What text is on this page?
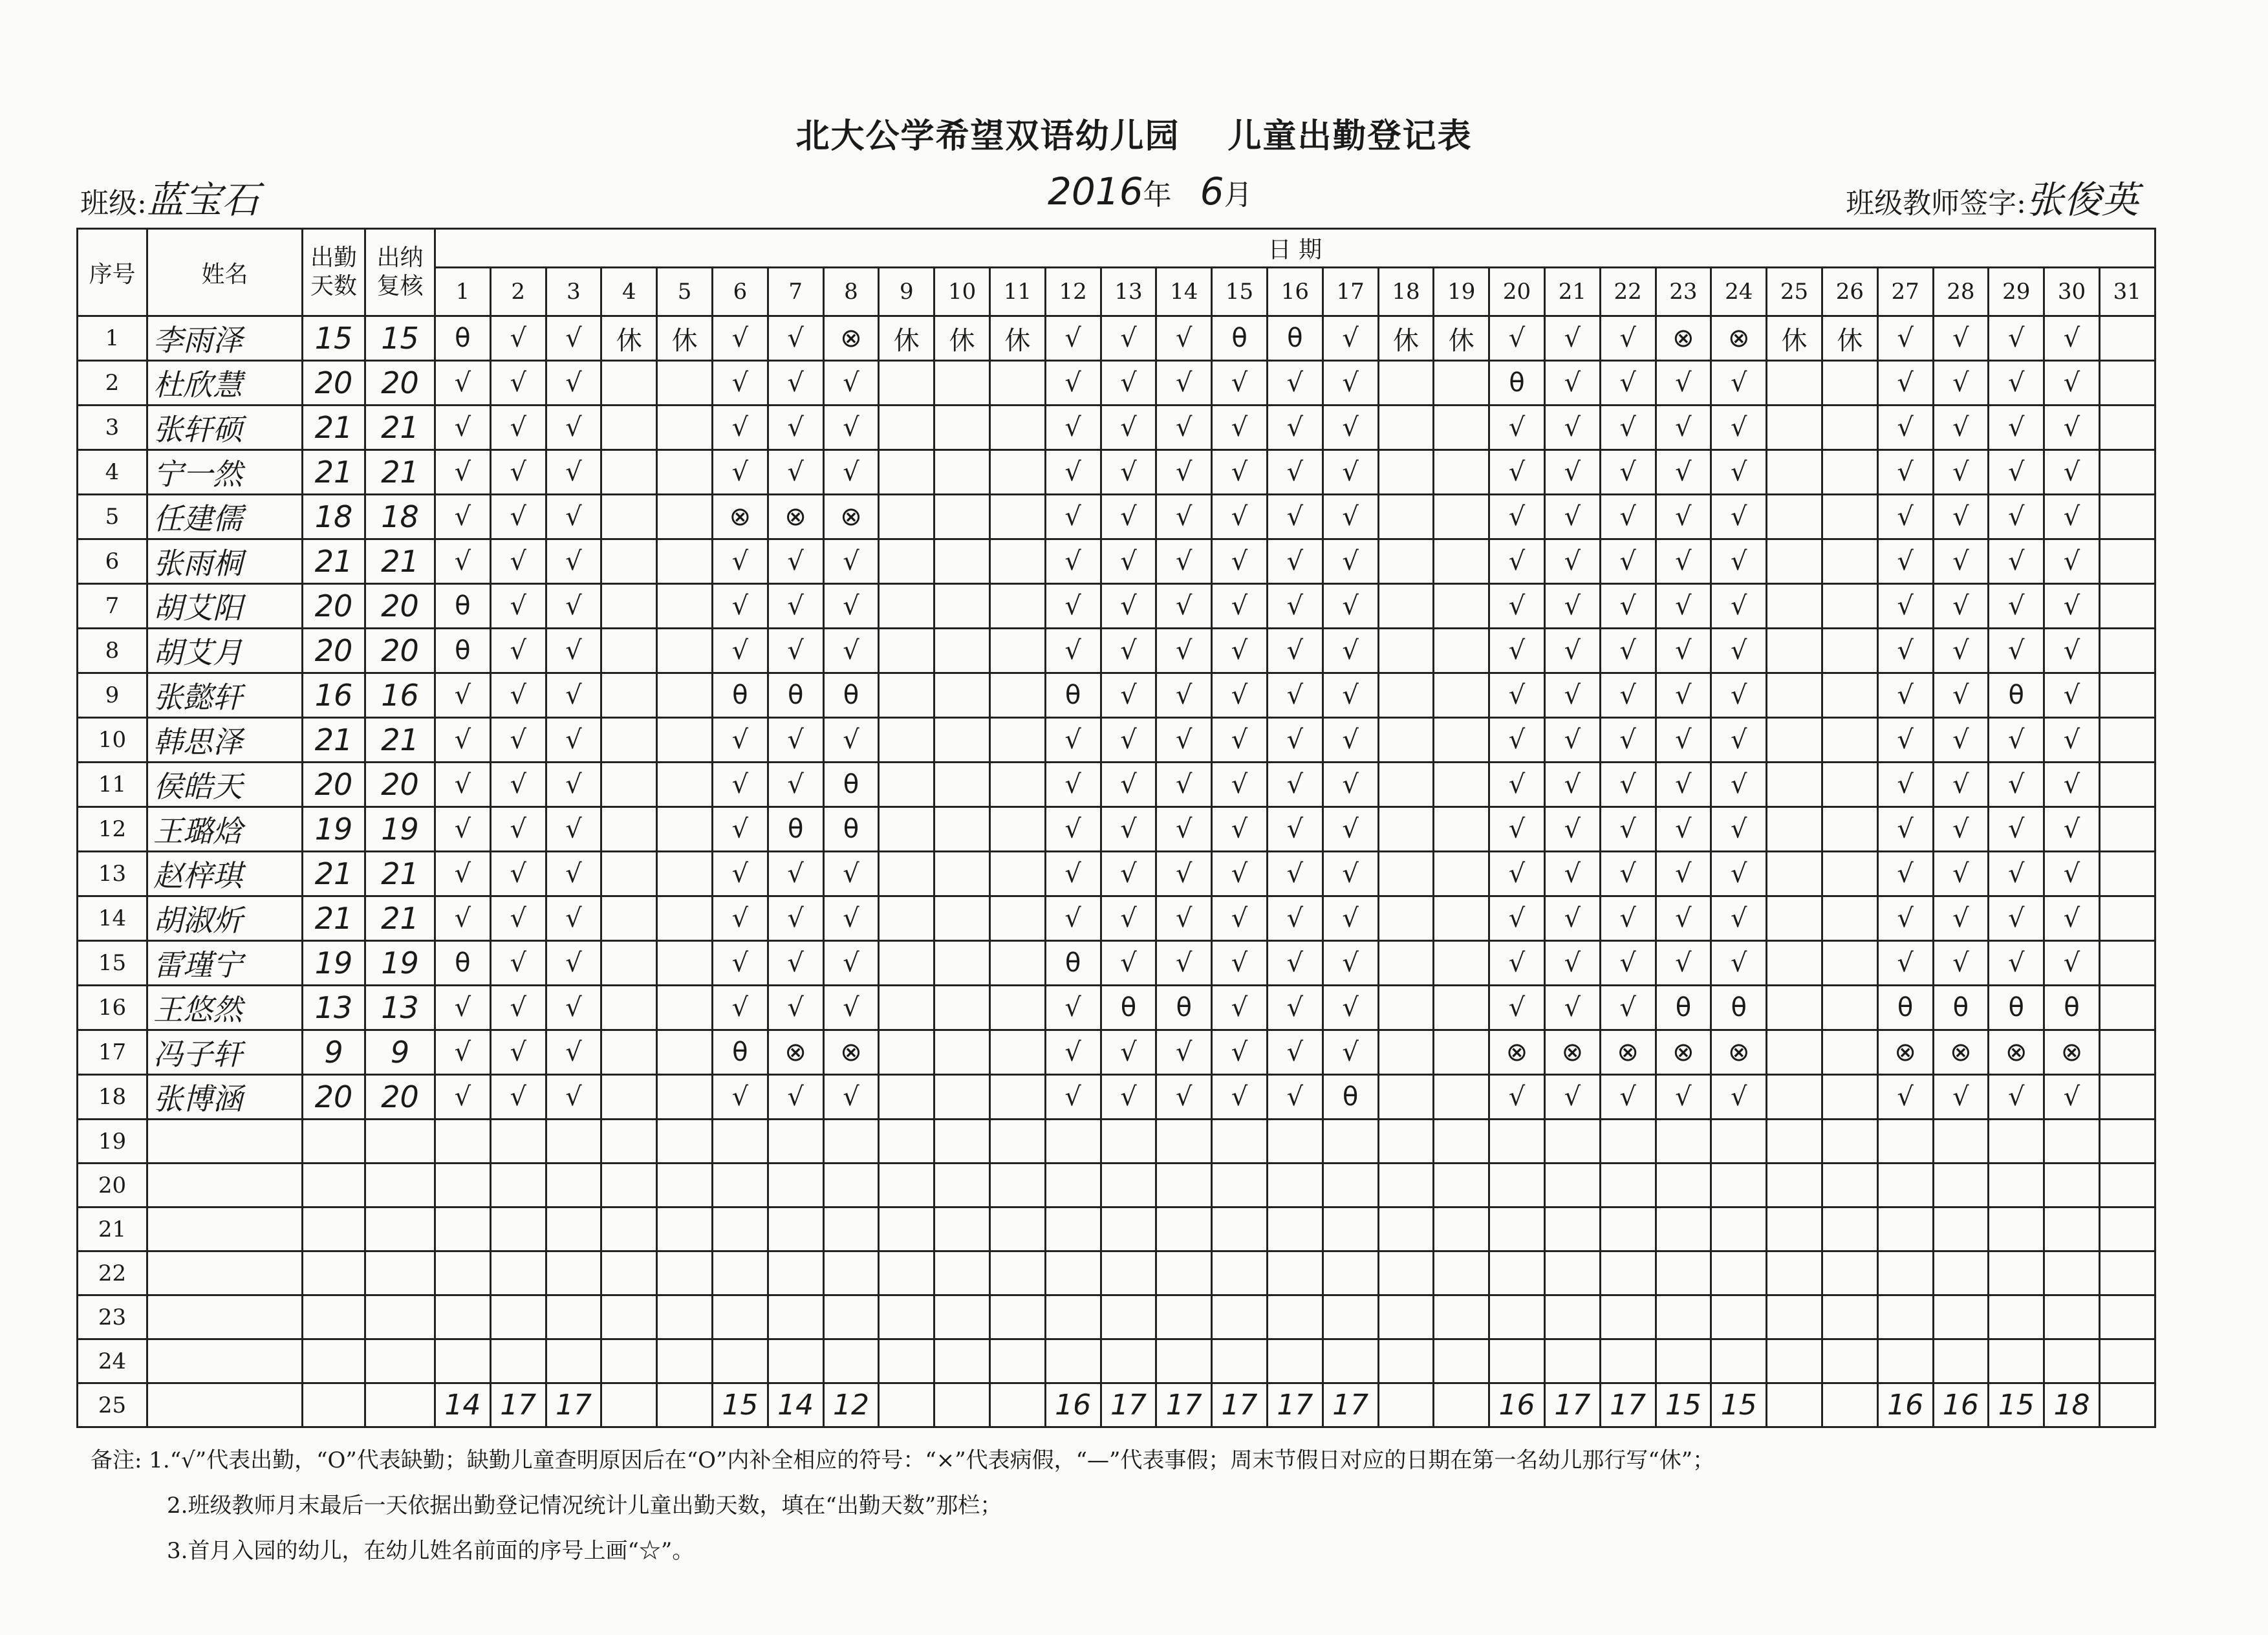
北大公学希望双语幼儿园　 儿童出勤登记表
班级:蓝宝石	2016年 6月	班级教师签字:张俊英
序号	姓名	出勤天数	出纳复核	日 期																														
				1	2	3	4	5	6	7	8	9	10	11	12	13	14	15	16	17	18	19	20	21	22	23	24	25	26	27	28	29	30	31
1	李雨泽	15	15	θ	√	√	休	休	√	√	⊗	休	休	休	√	√	√	θ	θ	√	休	休	√	√	√	⊗	⊗	休	休	√	√	√	√	
2	杜欣慧	20	20	√	√	√			√	√	√				√	√	√	√	√	√			θ	√	√	√	√			√	√	√	√	
3	张轩硕	21	21	√	√	√			√	√	√				√	√	√	√	√	√			√	√	√	√	√			√	√	√	√	
4	宁一然	21	21	√	√	√			√	√	√				√	√	√	√	√	√			√	√	√	√	√			√	√	√	√	
5	任建儒	18	18	√	√	√			⊗	⊗	⊗				√	√	√	√	√	√			√	√	√	√	√			√	√	√	√	
6	张雨桐	21	21	√	√	√			√	√	√				√	√	√	√	√	√			√	√	√	√	√			√	√	√	√	
7	胡艾阳	20	20	θ	√	√			√	√	√				√	√	√	√	√	√			√	√	√	√	√			√	√	√	√	
8	胡艾月	20	20	θ	√	√			√	√	√				√	√	√	√	√	√			√	√	√	√	√			√	√	√	√	
9	张懿轩	16	16	√	√	√			θ	θ	θ				θ	√	√	√	√	√			√	√	√	√	√			√	√	θ	√	
10	韩思泽	21	21	√	√	√			√	√	√				√	√	√	√	√	√			√	√	√	√	√			√	√	√	√	
11	侯皓天	20	20	√	√	√			√	√	θ				√	√	√	√	√	√			√	√	√	√	√			√	√	√	√	
12	王璐焓	19	19	√	√	√			√	θ	θ				√	√	√	√	√	√			√	√	√	√	√			√	√	√	√	
13	赵梓琪	21	21	√	√	√			√	√	√				√	√	√	√	√	√			√	√	√	√	√			√	√	√	√	
14	胡淑炘	21	21	√	√	√			√	√	√				√	√	√	√	√	√			√	√	√	√	√			√	√	√	√	
15	雷瑾宁	19	19	θ	√	√			√	√	√				θ	√	√	√	√	√			√	√	√	√	√			√	√	√	√	
16	王悠然	13	13	√	√	√			√	√	√				√	θ	θ	√	√	√			√	√	√	θ	θ			θ	θ	θ	θ	
17	冯子轩	9	9	√	√	√			θ	⊗	⊗				√	√	√	√	√	√			⊗	⊗	⊗	⊗	⊗			⊗	⊗	⊗	⊗	
18	张博涵	20	20	√	√	√			√	√	√				√	√	√	√	√	θ			√	√	√	√	√			√	√	√	√	
19																																		
20																																		
21																																		
22																																		
23																																		
24																																		
25				14	17	17			15	14	12				16	17	17	17	17	17			16	17	17	15	15			16	16	15	18	
备注: 1.“√”代表出勤，“O”代表缺勤；缺勤儿童查明原因后在“O”内补全相应的符号：“×”代表病假，“—”代表事假；周末节假日对应的日期在第一名幼儿那行写“休”；
2.班级教师月末最后一天依据出勤登记情况统计儿童出勤天数，填在“出勤天数”那栏；
3.首月入园的幼儿，在幼儿姓名前面的序号上画“☆”。
